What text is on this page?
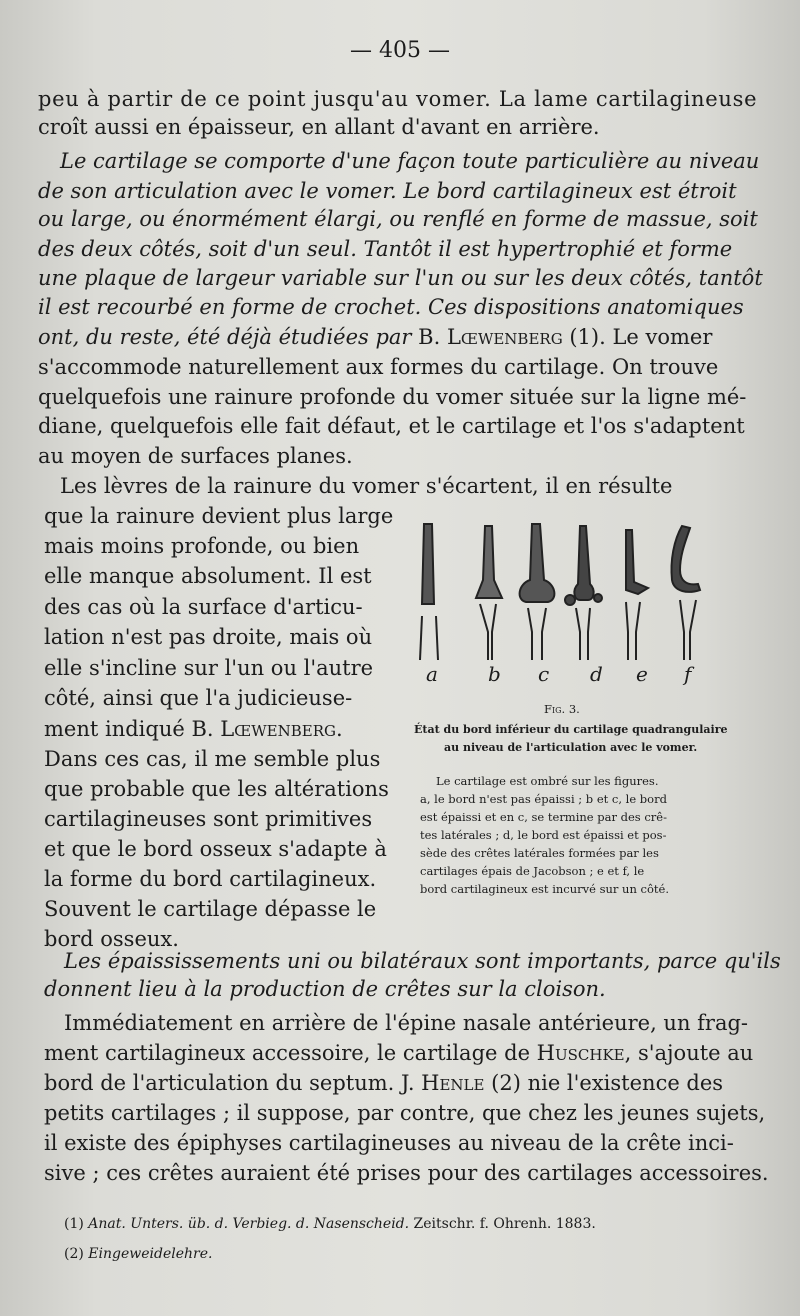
— 405 —
peu à partir de ce point jusqu'au vomer. La lame cartilagineuse
croît aussi en épaisseur, en allant d'avant en arrière.
Le cartilage se comporte d'une façon toute particulière au niveau
de son articulation avec le vomer. Le bord cartilagineux est étroit
ou large, ou énormément élargi, ou renflé en forme de massue, soit
des deux côtés, soit d'un seul. Tantôt il est hypertrophié et forme
une plaque de largeur variable sur l'un ou sur les deux côtés, tantôt
il est recourbé en forme de crochet. Ces dispositions anatomiques
ont, du reste, été déjà étudiées par B. Lœwenberg (1). Le vomer
s'accommode naturellement aux formes du cartilage. On trouve
quelquefois une rainure profonde du vomer située sur la ligne mé-
diane, quelquefois elle fait défaut, et le cartilage et l'os s'adaptent
au moyen de surfaces planes.
Les lèvres de la rainure du vomer s'écartent, il en résulte
que la rainure devient plus large
mais moins profonde, ou bien
elle manque absolument. Il est
des cas où la surface d'articu-
lation n'est pas droite, mais où
elle s'incline sur l'un ou l'autre
côté, ainsi que l'a judicieuse-
ment indiqué B. Lœwenberg.
Dans ces cas, il me semble plus
que probable que les altérations
cartilagineuses sont primitives
et que le bord osseux s'adapte à
la forme du bord cartilagineux.
Souvent le cartilage dépasse le
bord osseux.
a	b c d e f
Fig. 3.
État du bord inférieur du cartilage quadrangulaire
au niveau de l'articulation avec le vomer.
Le cartilage est ombré sur les figures.
a, le bord n'est pas épaissi ; b et c, le bord
est épaissi et en c, se termine par des crê-
tes latérales ; d, le bord est épaissi et pos-
sède des crêtes latérales formées par les
cartilages épais de Jacobson ; e et f, le
bord cartilagineux est incurvé sur un côté.
Les épaississements uni ou bilatéraux sont importants, parce qu'ils
donnent lieu à la production de crêtes sur la cloison.
Immédiatement en arrière de l'épine nasale antérieure, un frag-
ment cartilagineux accessoire, le cartilage de Huschke, s'ajoute au
bord de l'articulation du septum. J. Henle (2) nie l'existence des
petits cartilages ; il suppose, par contre, que chez les jeunes sujets,
il existe des épiphyses cartilagineuses au niveau de la crête inci-
sive ; ces crêtes auraient été prises pour des cartilages accessoires.
(1) Anat. Unters. üb. d. Verbieg. d. Nasenscheid. Zeitschr. f. Ohrenh. 1883.
(2) Eingeweidelehre.
